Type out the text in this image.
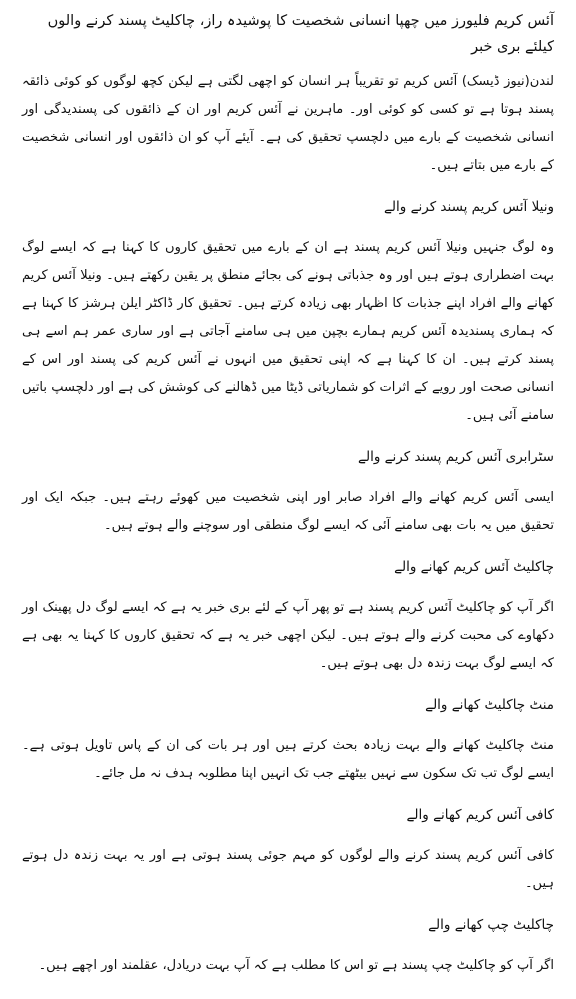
آئس کریم فلیورز میں چھپا انسانی شخصیت کا پوشیدہ راز، چاکلیٹ پسند کرنے والوں کیلئے بری خبر

لندن(نیوز ڈیسک) آئس کریم تو تقریباً ہر انسان کو اچھی لگتی ہے لیکن کچھ لوگوں کو کوئی ذائقہ پسند ہوتا ہے تو کسی کو کوئی اور۔ ماہرین نے آئس کریم اور ان کے ذائقوں کی پسندیدگی اور انسانی شخصیت کے بارے میں دلچسپ تحقیق کی ہے۔ آیئے آپ کو ان ذائقوں اور انسانی شخصیت کے بارے میں بتاتے ہیں۔

ونیلا آئس کریم پسند کرنے والے

وہ لوگ جنہیں ونیلا آئس کریم پسند ہے ان کے بارے میں تحقیق کاروں کا کہنا ہے کہ ایسے لوگ بہت اضطراری ہوتے ہیں اور وہ جذباتی ہونے کی بجائے منطق پر یقین رکھتے ہیں۔ ونیلا آئس کریم کھانے والے افراد اپنے جذبات کا اظہار بھی زیادہ کرتے ہیں۔ تحقیق کار ڈاکٹر ایلن ہرشز کا کہنا ہے کہ ہماری پسندیدہ آئس کریم ہمارے بچپن میں ہی سامنے آجاتی ہے اور ساری عمر ہم اسے ہی پسند کرتے ہیں۔ ان کا کہنا ہے کہ اپنی تحقیق میں انہوں نے آئس کریم کی پسند اور اس کے انسانی صحت اور رویے کے اثرات کو شماریاتی ڈیٹا میں ڈھالنے کی کوشش کی ہے اور دلچسپ باتیں سامنے آئی ہیں۔

سٹرابری آئس کریم پسند کرنے والے

ایسی آئس کریم کھانے والے افراد صابر اور اپنی شخصیت میں کھوئے رہتے ہیں۔ جبکہ ایک اور تحقیق میں یہ بات بھی سامنے آئی کہ ایسے لوگ منطقی اور سوچنے والے ہوتے ہیں۔

چاکلیٹ آئس کریم کھانے والے

اگر آپ کو چاکلیٹ آئس کریم پسند ہے تو پھر آپ کے لئے بری خبر یہ ہے کہ ایسے لوگ دل پھینک اور دکھاوے کی محبت کرنے والے ہوتے ہیں۔ لیکن اچھی خبر یہ ہے کہ تحقیق کاروں کا کہنا یہ بھی ہے کہ ایسے لوگ بہت زندہ دل بھی ہوتے ہیں۔

منٹ چاکلیٹ کھانے والے

منٹ چاکلیٹ کھانے والے بہت زیادہ بحث کرتے ہیں اور ہر بات کی ان کے پاس تاویل ہوتی ہے۔ ایسے لوگ تب تک سکون سے نہیں بیٹھتے جب تک انہیں اپنا مطلوبہ ہدف نہ مل جائے۔

کافی آئس کریم کھانے والے

کافی آئس کریم پسند کرنے والے لوگوں کو مہم جوئی پسند ہوتی ہے اور یہ بہت زندہ دل ہوتے ہیں۔

چاکلیٹ چپ کھانے والے

اگر آپ کو چاکلیٹ چپ پسند ہے تو اس کا مطلب ہے کہ آپ بہت دریادل، عقلمند اور اچھے ہیں۔
